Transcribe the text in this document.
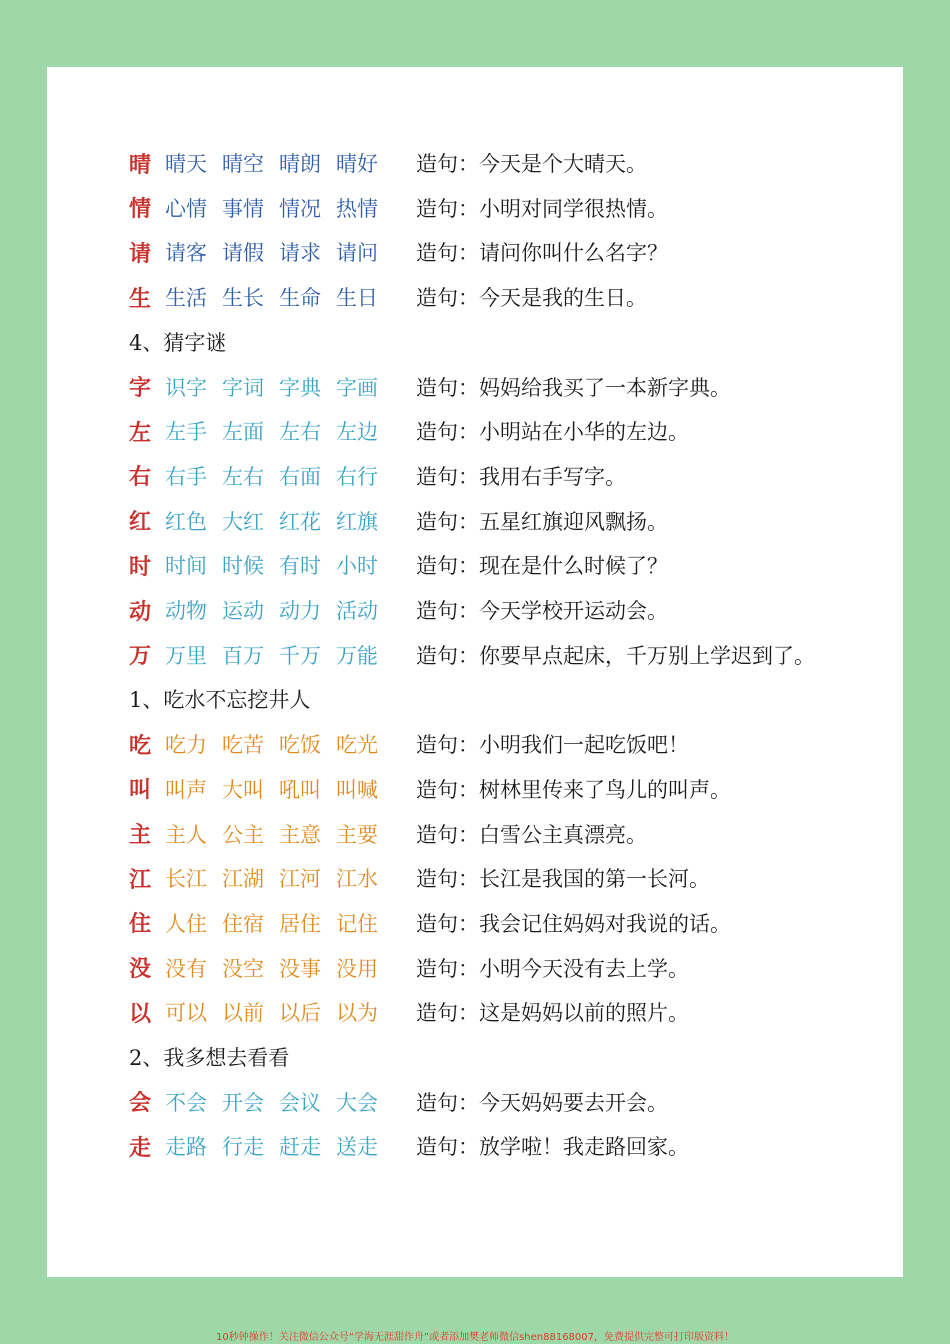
晴 晴天 晴空 晴朗 晴好	造句：今天是个大晴天。
情 心情 事情 情况 热情	造句：小明对同学很热情。
请 请客 请假 请求 请问	造句：请问你叫什么名字？
生 生活 生长 生命 生日	造句：今天是我的生日。
4、猜字谜
字 识字 字词 字典 字画	造句：妈妈给我买了一本新字典。
左 左手 左面 左右 左边	造句：小明站在小华的左边。
右 右手 左右 右面 右行	造句：我用右手写字。
红 红色 大红 红花 红旗	造句：五星红旗迎风飘扬。
时 时间 时候 有时 小时	造句：现在是什么时候了？
动 动物 运动 动力 活动	造句：今天学校开运动会。
万 万里 百万 千万 万能	造句：你要早点起床，千万别上学迟到了。
1、吃水不忘挖井人
吃 吃力 吃苦 吃饭 吃光	造句：小明我们一起吃饭吧！
叫 叫声 大叫 吼叫 叫喊	造句：树林里传来了鸟儿的叫声。
主 主人 公主 主意 主要	造句：白雪公主真漂亮。
江 长江 江湖 江河 江水	造句：长江是我国的第一长河。
住 人住 住宿 居住 记住	造句：我会记住妈妈对我说的话。
没 没有 没空 没事 没用	造句：小明今天没有去上学。
以 可以 以前 以后 以为	造句：这是妈妈以前的照片。
2、我多想去看看
会 不会 开会 会议 大会	造句：今天妈妈要去开会。
走 走路 行走 赶走 送走	造句：放学啦！我走路回家。
10秒钟操作！关注微信公众号“学海无涯甜作舟”或者添加樊老师微信shen88168007，免费提供完整可打印版资料！
